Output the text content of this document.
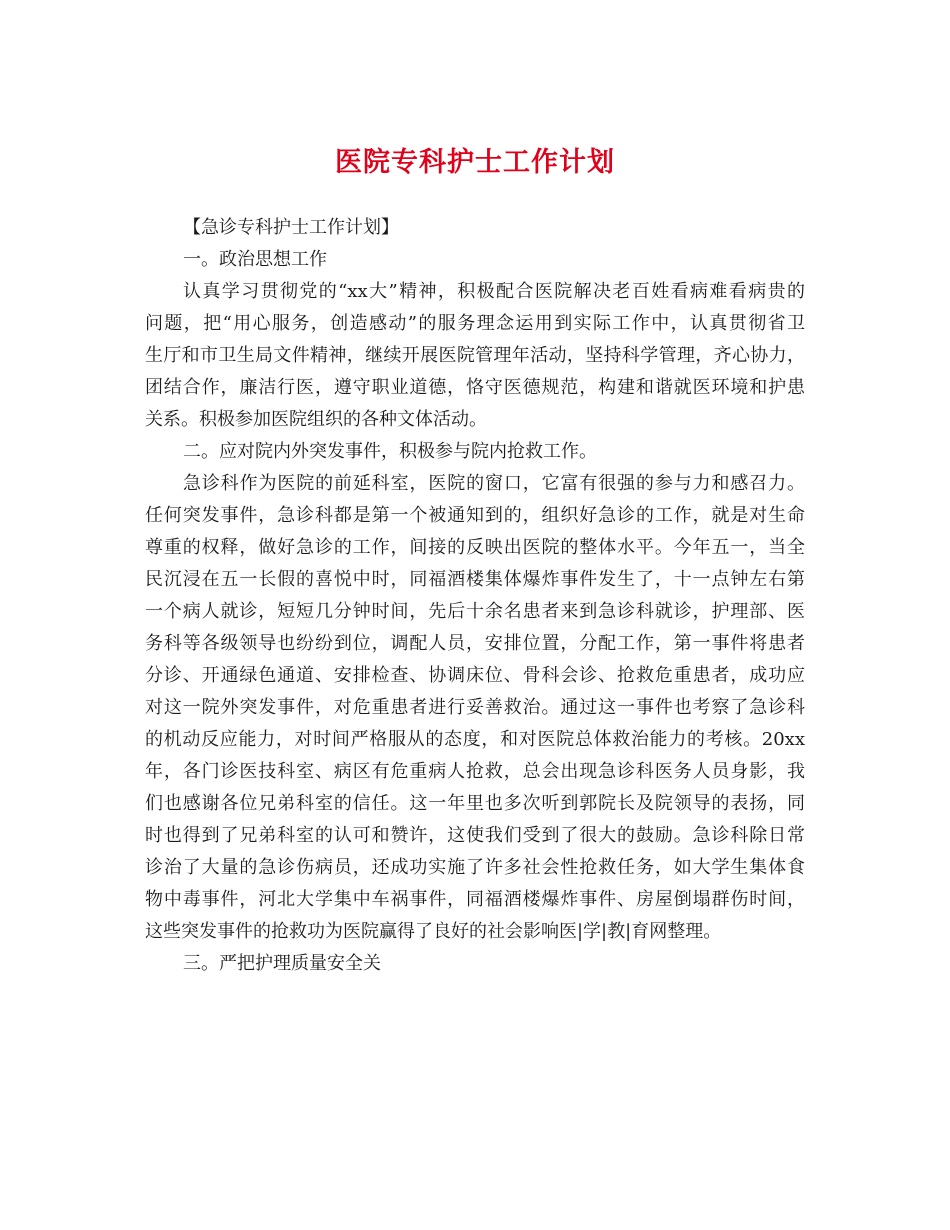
医院专科护士工作计划
【急诊专科护士工作计划】
一。政治思想工作
认真学习贯彻党的“xx大”精神，积极配合医院解决老百姓看病难看病贵的
问题，把“用心服务，创造感动”的服务理念运用到实际工作中，认真贯彻省卫
生厅和市卫生局文件精神，继续开展医院管理年活动，坚持科学管理，齐心协力，
团结合作，廉洁行医，遵守职业道德，恪守医德规范，构建和谐就医环境和护患
关系。积极参加医院组织的各种文体活动。
二。应对院内外突发事件，积极参与院内抢救工作。
急诊科作为医院的前延科室，医院的窗口，它富有很强的参与力和感召力。
任何突发事件，急诊科都是第一个被通知到的，组织好急诊的工作，就是对生命
尊重的权释，做好急诊的工作，间接的反映出医院的整体水平。今年五一，当全
民沉浸在五一长假的喜悦中时，同福酒楼集体爆炸事件发生了，十一点钟左右第
一个病人就诊，短短几分钟时间，先后十余名患者来到急诊科就诊，护理部、医
务科等各级领导也纷纷到位，调配人员，安排位置，分配工作，第一事件将患者
分诊、开通绿色通道、安排检查、协调床位、骨科会诊、抢救危重患者，成功应
对这一院外突发事件，对危重患者进行妥善救治。通过这一事件也考察了急诊科
的机动反应能力，对时间严格服从的态度，和对医院总体救治能力的考核。20xx
年，各门诊医技科室、病区有危重病人抢救，总会出现急诊科医务人员身影，我
们也感谢各位兄弟科室的信任。这一年里也多次听到郭院长及院领导的表扬，同
时也得到了兄弟科室的认可和赞许，这使我们受到了很大的鼓励。急诊科除日常
诊治了大量的急诊伤病员，还成功实施了许多社会性抢救任务，如大学生集体食
物中毒事件，河北大学集中车祸事件，同福酒楼爆炸事件、房屋倒塌群伤时间，
这些突发事件的抢救功为医院赢得了良好的社会影响医|学|教|育网整理。
三。严把护理质量安全关
